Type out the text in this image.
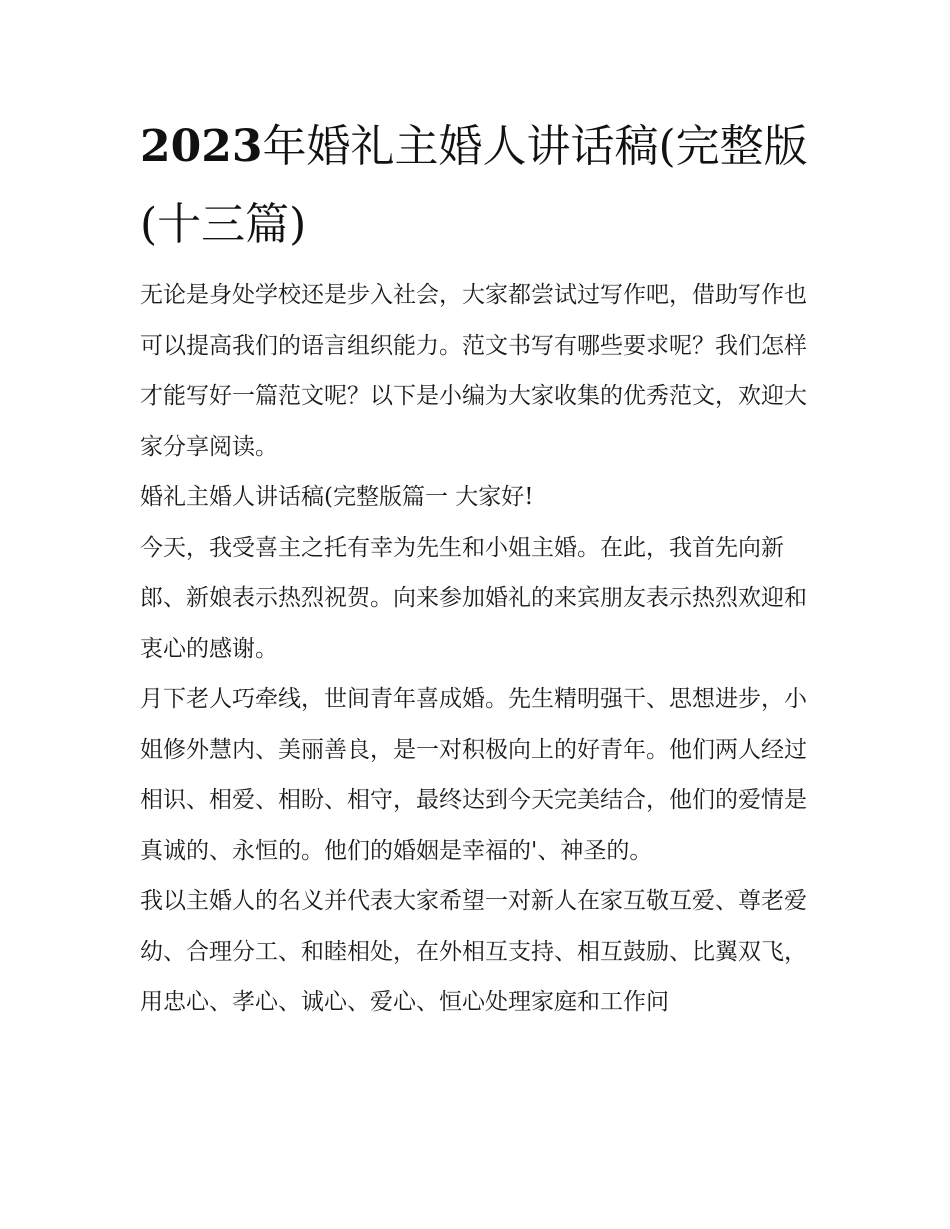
2023年婚礼主婚人讲话稿(完整版(十三篇)

无论是身处学校还是步入社会，大家都尝试过写作吧，借助写作也可以提高我们的语言组织能力。范文书写有哪些要求呢？我们怎样才能写好一篇范文呢？以下是小编为大家收集的优秀范文，欢迎大家分享阅读。

婚礼主婚人讲话稿(完整版篇一 大家好!

今天，我受喜主之托有幸为先生和小姐主婚。在此，我首先向新郎、新娘表示热烈祝贺。向来参加婚礼的来宾朋友表示热烈欢迎和衷心的感谢。

月下老人巧牵线，世间青年喜成婚。先生精明强干、思想进步，小姐修外慧内、美丽善良，是一对积极向上的好青年。他们两人经过相识、相爱、相盼、相守，最终达到今天完美结合，他们的爱情是真诚的、永恒的。他们的婚姻是幸福的'、神圣的。

我以主婚人的名义并代表大家希望一对新人在家互敬互爱、尊老爱幼、合理分工、和睦相处，在外相互支持、相互鼓励、比翼双飞，用忠心、孝心、诚心、爱心、恒心处理家庭和工作问
